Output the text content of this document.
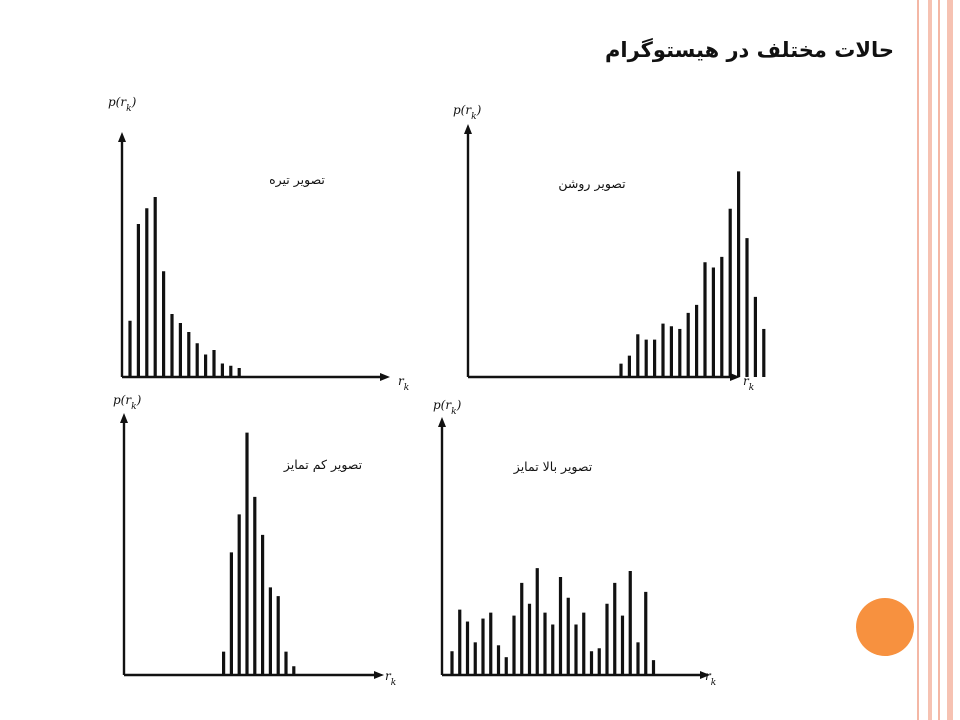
حالات مختلف در هیستوگرام
$p(r_k)$
$r_k$
تصویر تیره
$p(r_k)$
$r_k$
تصویر روشن
$p(r_k)$
$r_k$
تصویر کم تمایز
$p(r_k)$
$r_k$
تصویر بالا تمایز
